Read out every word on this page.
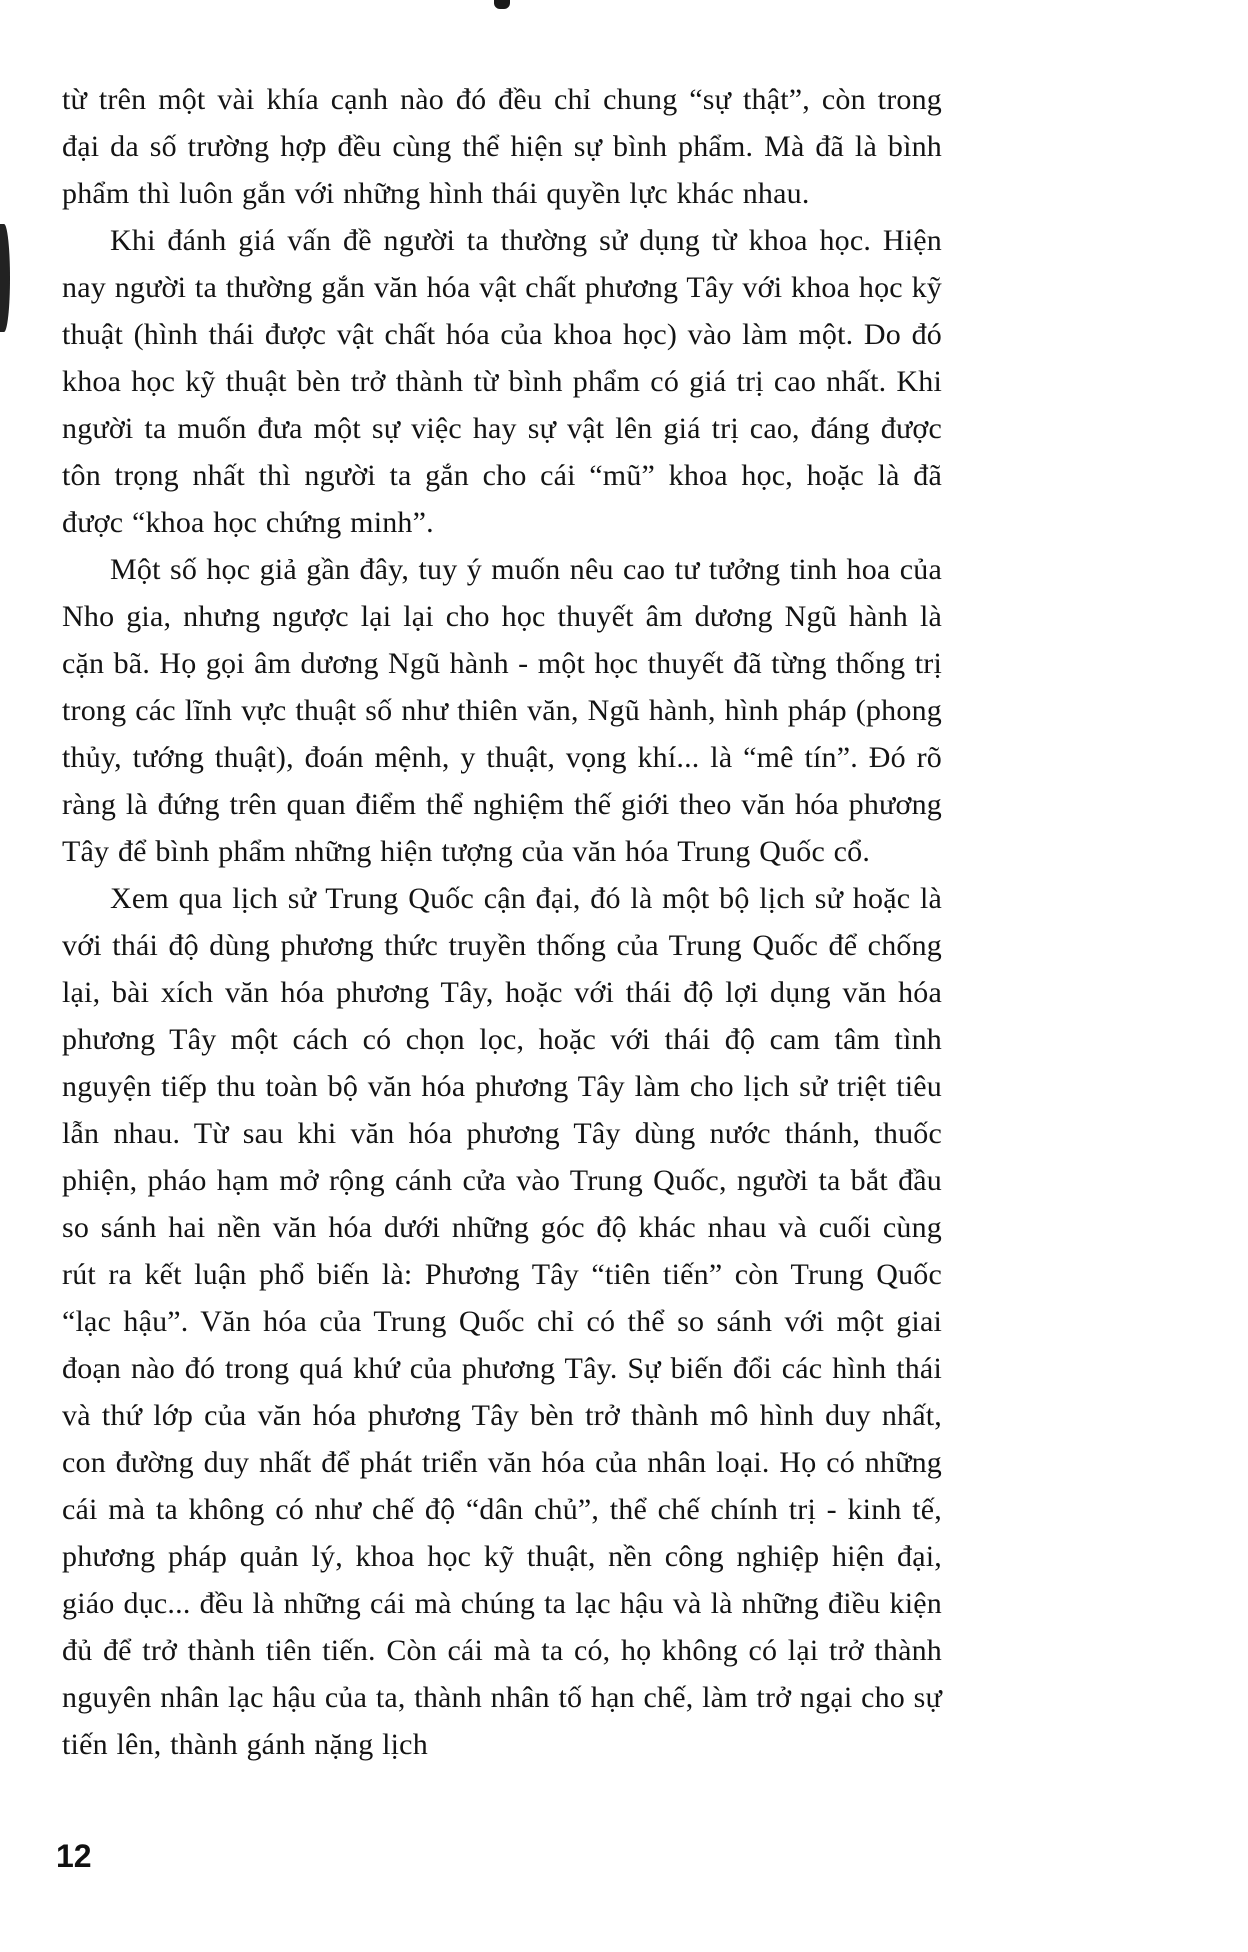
từ trên một vài khía cạnh nào đó đều chỉ chung “sự thật”, còn trong đại da số trường hợp đều cùng thể hiện sự bình phẩm. Mà đã là bình phẩm thì luôn gắn với những hình thái quyền lực khác nhau.

Khi đánh giá vấn đề người ta thường sử dụng từ khoa học. Hiện nay người ta thường gắn văn hóa vật chất phương Tây với khoa học kỹ thuật (hình thái được vật chất hóa của khoa học) vào làm một. Do đó khoa học kỹ thuật bèn trở thành từ bình phẩm có giá trị cao nhất. Khi người ta muốn đưa một sự việc hay sự vật lên giá trị cao, đáng được tôn trọng nhất thì người ta gắn cho cái “mũ” khoa học, hoặc là đã được “khoa học chứng minh”.

Một số học giả gần đây, tuy ý muốn nêu cao tư tưởng tinh hoa của Nho gia, nhưng ngược lại lại cho học thuyết âm dương Ngũ hành là cặn bã. Họ gọi âm dương Ngũ hành - một học thuyết đã từng thống trị trong các lĩnh vực thuật số như thiên văn, Ngũ hành, hình pháp (phong thủy, tướng thuật), đoán mệnh, y thuật, vọng khí... là “mê tín”. Đó rõ ràng là đứng trên quan điểm thể nghiệm thế giới theo văn hóa phương Tây để bình phẩm những hiện tượng của văn hóa Trung Quốc cổ.

Xem qua lịch sử Trung Quốc cận đại, đó là một bộ lịch sử hoặc là với thái độ dùng phương thức truyền thống của Trung Quốc để chống lại, bài xích văn hóa phương Tây, hoặc với thái độ lợi dụng văn hóa phương Tây một cách có chọn lọc, hoặc với thái độ cam tâm tình nguyện tiếp thu toàn bộ văn hóa phương Tây làm cho lịch sử triệt tiêu lẫn nhau. Từ sau khi văn hóa phương Tây dùng nước thánh, thuốc phiện, pháo hạm mở rộng cánh cửa vào Trung Quốc, người ta bắt đầu so sánh hai nền văn hóa dưới những góc độ khác nhau và cuối cùng rút ra kết luận phổ biến là: Phương Tây “tiên tiến” còn Trung Quốc “lạc hậu”. Văn hóa của Trung Quốc chỉ có thể so sánh với một giai đoạn nào đó trong quá khứ của phương Tây. Sự biến đổi các hình thái và thứ lớp của văn hóa phương Tây bèn trở thành mô hình duy nhất, con đường duy nhất để phát triển văn hóa của nhân loại. Họ có những cái mà ta không có như chế độ “dân chủ”, thể chế chính trị - kinh tế, phương pháp quản lý, khoa học kỹ thuật, nền công nghiệp hiện đại, giáo dục... đều là những cái mà chúng ta lạc hậu và là những điều kiện đủ để trở thành tiên tiến. Còn cái mà ta có, họ không có lại trở thành nguyên nhân lạc hậu của ta, thành nhân tố hạn chế, làm trở ngại cho sự tiến lên, thành gánh nặng lịch

12
